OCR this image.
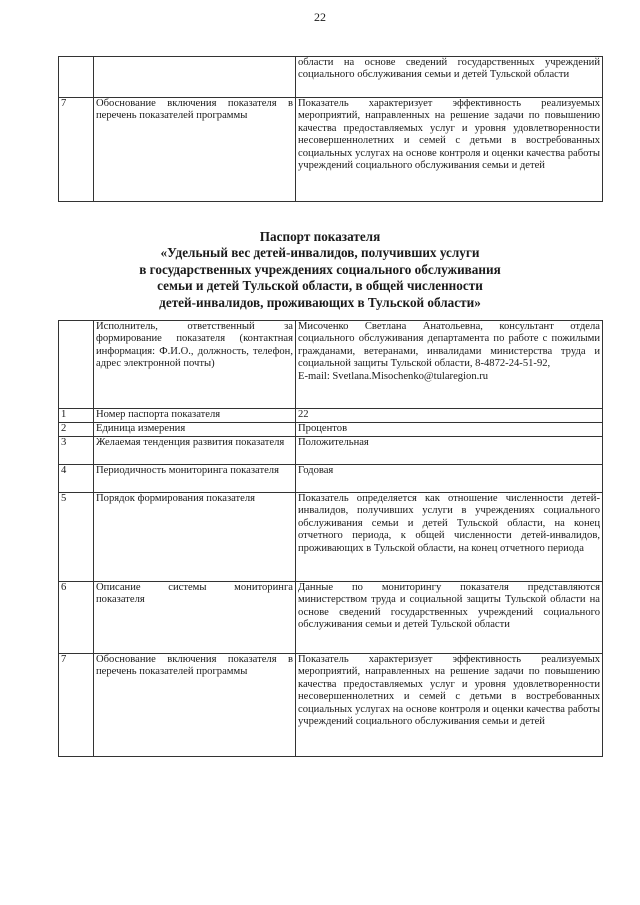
22
		области на основе сведений государственных учреждений социального обслуживания семьи и детей Тульской области
7	Обоснование включения показателя в перечень показателей программы	Показатель характеризует эффективность реализуемых мероприятий, направленных на решение задачи по повышению качества предоставляемых услуг и уровня удовлетворенности несовершеннолетних и семей с детьми в востребованных социальных услугах на основе контроля и оценки качества работы учреждений социального обслуживания семьи и детей
Паспорт показателя
«Удельный вес детей-инвалидов, получивших услуги
в государственных учреждениях социального обслуживания
семьи и детей Тульской области, в общей численности
детей-инвалидов, проживающих в Тульской области»
	Исполнитель, ответственный за формирование показателя (контактная информация: Ф.И.О., должность, телефон, адрес электронной почты)	Мисоченко Светлана Анатольевна, консультант отдела социального обслуживания департамента по работе с пожилыми гражданами, ветеранами, инвалидами министерства труда и социальной защиты Тульской области, 8-4872-24-51-92,
E-mail: Svetlana.Misochenko@tularegion.ru

1	Номер паспорта показателя	22
2	Единица измерения	Процентов
3	Желаемая тенденция развития показателя	Положительная
4	Периодичность мониторинга показателя	Годовая
5	Порядок формирования показателя	Показатель определяется как отношение численности детей-инвалидов, получивших услуги в учреждениях социального обслуживания семьи и детей Тульской области, на конец отчетного периода, к общей численности детей-инвалидов, проживающих в Тульской области, на конец отчетного периода
6	Описание системы мониторинга показателя	Данные по мониторингу показателя представляются министерством труда и социальной защиты Тульской области на основе сведений государственных учреждений социального обслуживания семьи и детей Тульской области
7	Обоснование включения показателя в перечень показателей программы	Показатель характеризует эффективность реализуемых мероприятий, направленных на решение задачи по повышению качества предоставляемых услуг и уровня удовлетворенности несовершеннолетних и семей с детьми в востребованных социальных услугах на основе контроля и оценки качества работы учреждений социального обслуживания семьи и детей
